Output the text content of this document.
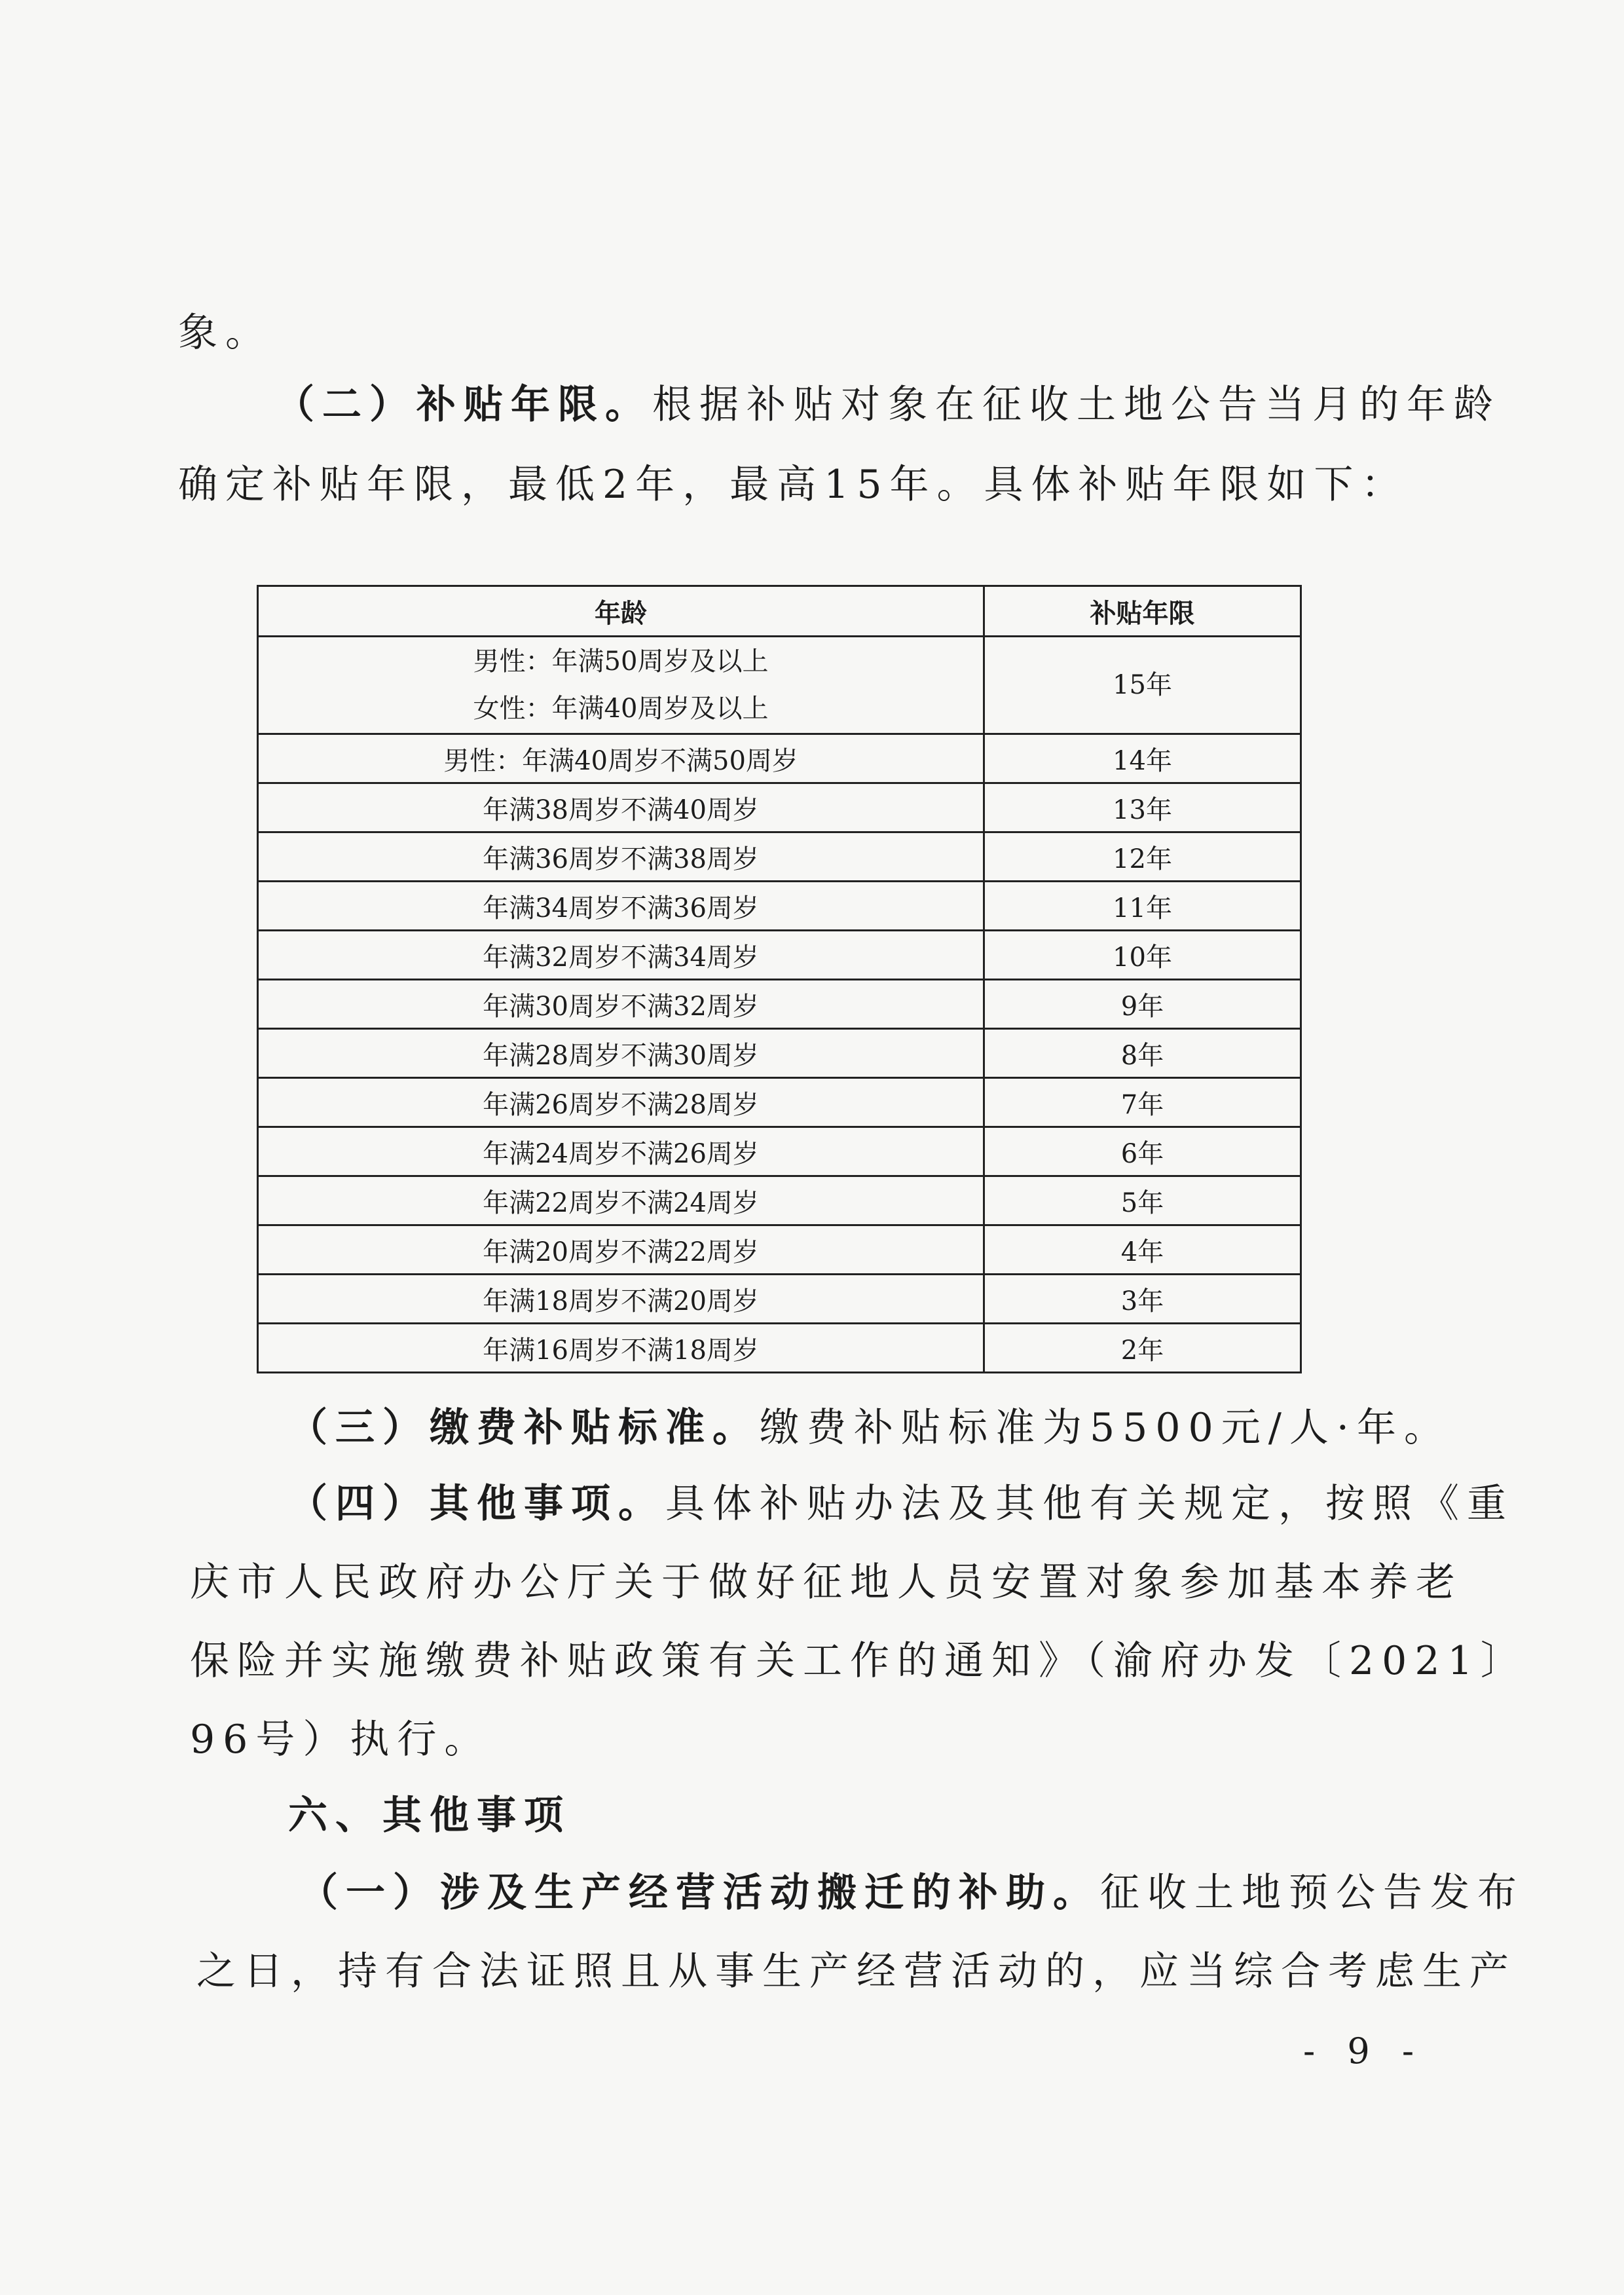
象。
（二）补贴年限。根据补贴对象在征收土地公告当月的年龄
确定补贴年限，最低2年，最高15年。具体补贴年限如下：
年龄	补贴年限

男性：年满50周岁及以上
女性：年满40周岁及以上	15年
男性：年满40周岁不满50周岁	14年
年满38周岁不满40周岁	13年
年满36周岁不满38周岁	12年
年满34周岁不满36周岁	11年
年满32周岁不满34周岁	10年
年满30周岁不满32周岁	9年
年满28周岁不满30周岁	8年
年满26周岁不满28周岁	7年
年满24周岁不满26周岁	6年
年满22周岁不满24周岁	5年
年满20周岁不满22周岁	4年
年满18周岁不满20周岁	3年
年满16周岁不满18周岁	2年
（三）缴费补贴标准。缴费补贴标准为5500元/人·年。
（四）其他事项。具体补贴办法及其他有关规定，按照《重
庆市人民政府办公厅关于做好征地人员安置对象参加基本养老
保险并实施缴费补贴政策有关工作的通知》（渝府办发〔2021〕
96号）执行。
六、其他事项
（一）涉及生产经营活动搬迁的补助。征收土地预公告发布
之日，持有合法证照且从事生产经营活动的，应当综合考虑生产
- 9 -
